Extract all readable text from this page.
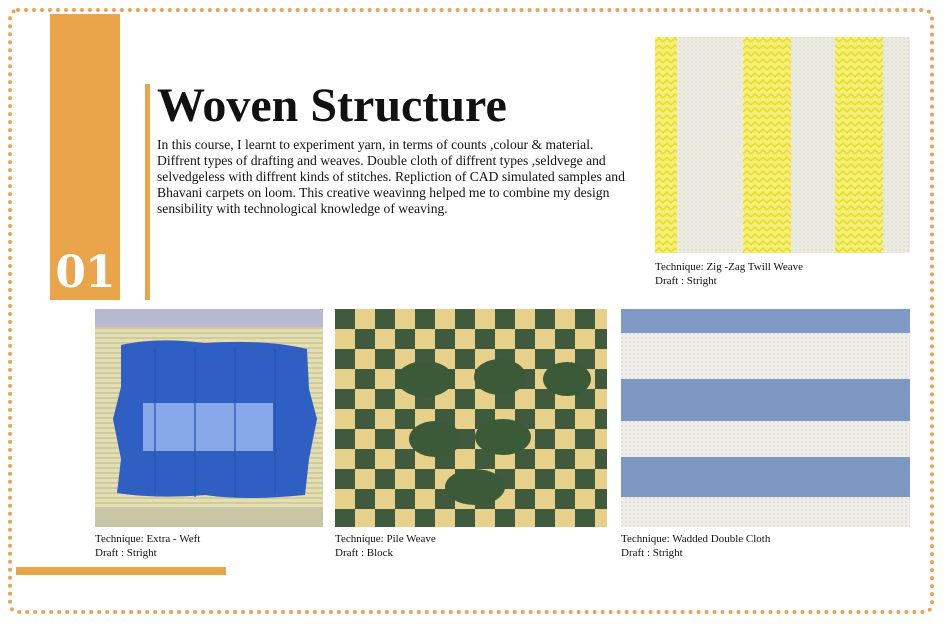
01
Woven Structure

In this course, I learnt to experiment yarn, in terms of counts ,colour & material. Diffrent types of drafting and weaves. Double cloth of diffrent types ,seldvege and selvedgeless with diffrent kinds of stitches. Repliction of CAD simulated samples and Bhavani carpets on loom. This creative weavinng helped me to combine my design sensibility with technological knowledge of weaving.

Technique: Zig -Zag Twill Weave
Draft : Stright

Technique: Extra - Weft
Draft : Stright

Technique: Pile Weave
Draft : Block

Technique: Wadded Double Cloth
Draft : Stright
